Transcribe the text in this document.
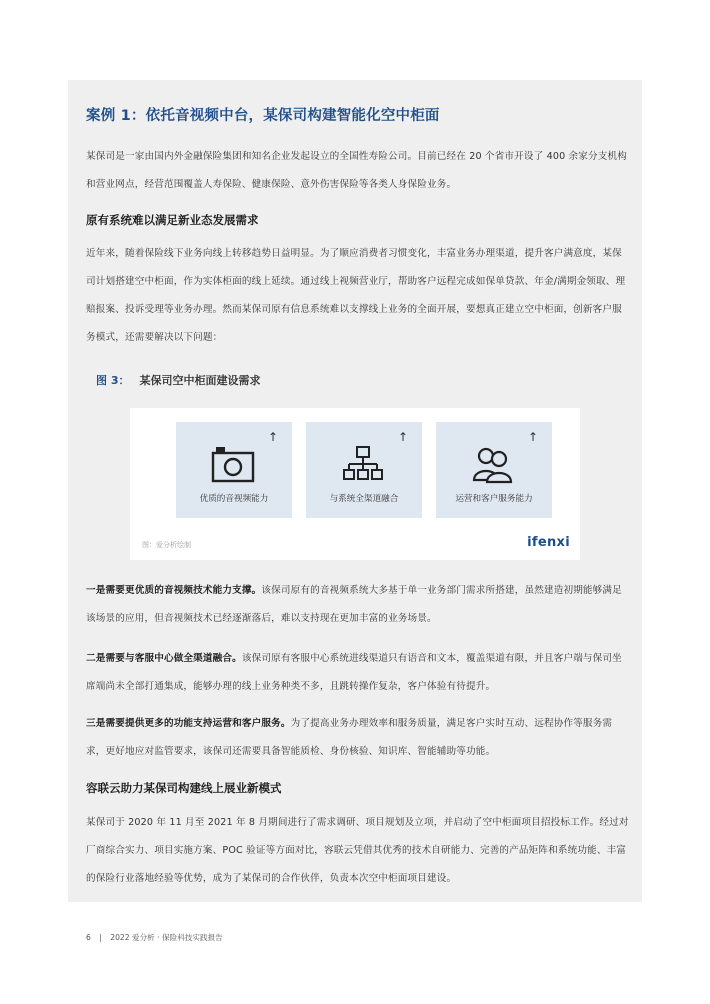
案例 1：依托音视频中台，某保司构建智能化空中柜面
某保司是一家由国内外金融保险集团和知名企业发起设立的全国性寿险公司。目前已经在 20 个省市开设了 400 余家分支机构和营业网点，经营范围覆盖人寿保险、健康保险、意外伤害保险等各类人身保险业务。
原有系统难以满足新业态发展需求
近年来，随着保险线下业务向线上转移趋势日益明显。为了顺应消费者习惯变化，丰富业务办理渠道，提升客户满意度，某保司计划搭建空中柜面，作为实体柜面的线上延续。通过线上视频营业厅，帮助客户远程完成如保单贷款、年金/满期金领取、理赔报案、投诉受理等业务办理。然而某保司原有信息系统难以支撑线上业务的全面开展，要想真正建立空中柜面，创新客户服务模式，还需要解决以下问题：
图 3： 某保司空中柜面建设需求
↑
优质的音视频能力
↑
与系统全渠道融合
↑
运营和客户服务能力
图：爱分析绘制	ifenxi
一是需要更优质的音视频技术能力支撑。该保司原有的音视频系统大多基于单一业务部门需求所搭建，虽然建造初期能够满足该场景的应用，但音视频技术已经逐渐落后，难以支持现在更加丰富的业务场景。
二是需要与客服中心做全渠道融合。该保司原有客服中心系统进线渠道只有语音和文本，覆盖渠道有限，并且客户端与保司坐席端尚未全部打通集成，能够办理的线上业务种类不多，且跳转操作复杂，客户体验有待提升。
三是需要提供更多的功能支持运营和客户服务。为了提高业务办理效率和服务质量，满足客户实时互动、远程协作等服务需求，更好地应对监管要求，该保司还需要具备智能质检、身份核验、知识库、智能辅助等功能。
容联云助力某保司构建线上展业新模式
某保司于 2020 年 11 月至 2021 年 8 月期间进行了需求调研、项目规划及立项，并启动了空中柜面项目招投标工作。经过对厂商综合实力、项目实施方案、POC 验证等方面对比，容联云凭借其优秀的技术自研能力、完善的产品矩阵和系统功能、丰富的保险行业落地经验等优势，成为了某保司的合作伙伴，负责本次空中柜面项目建设。
6 | 2022 爱分析 · 保险科技实践报告
